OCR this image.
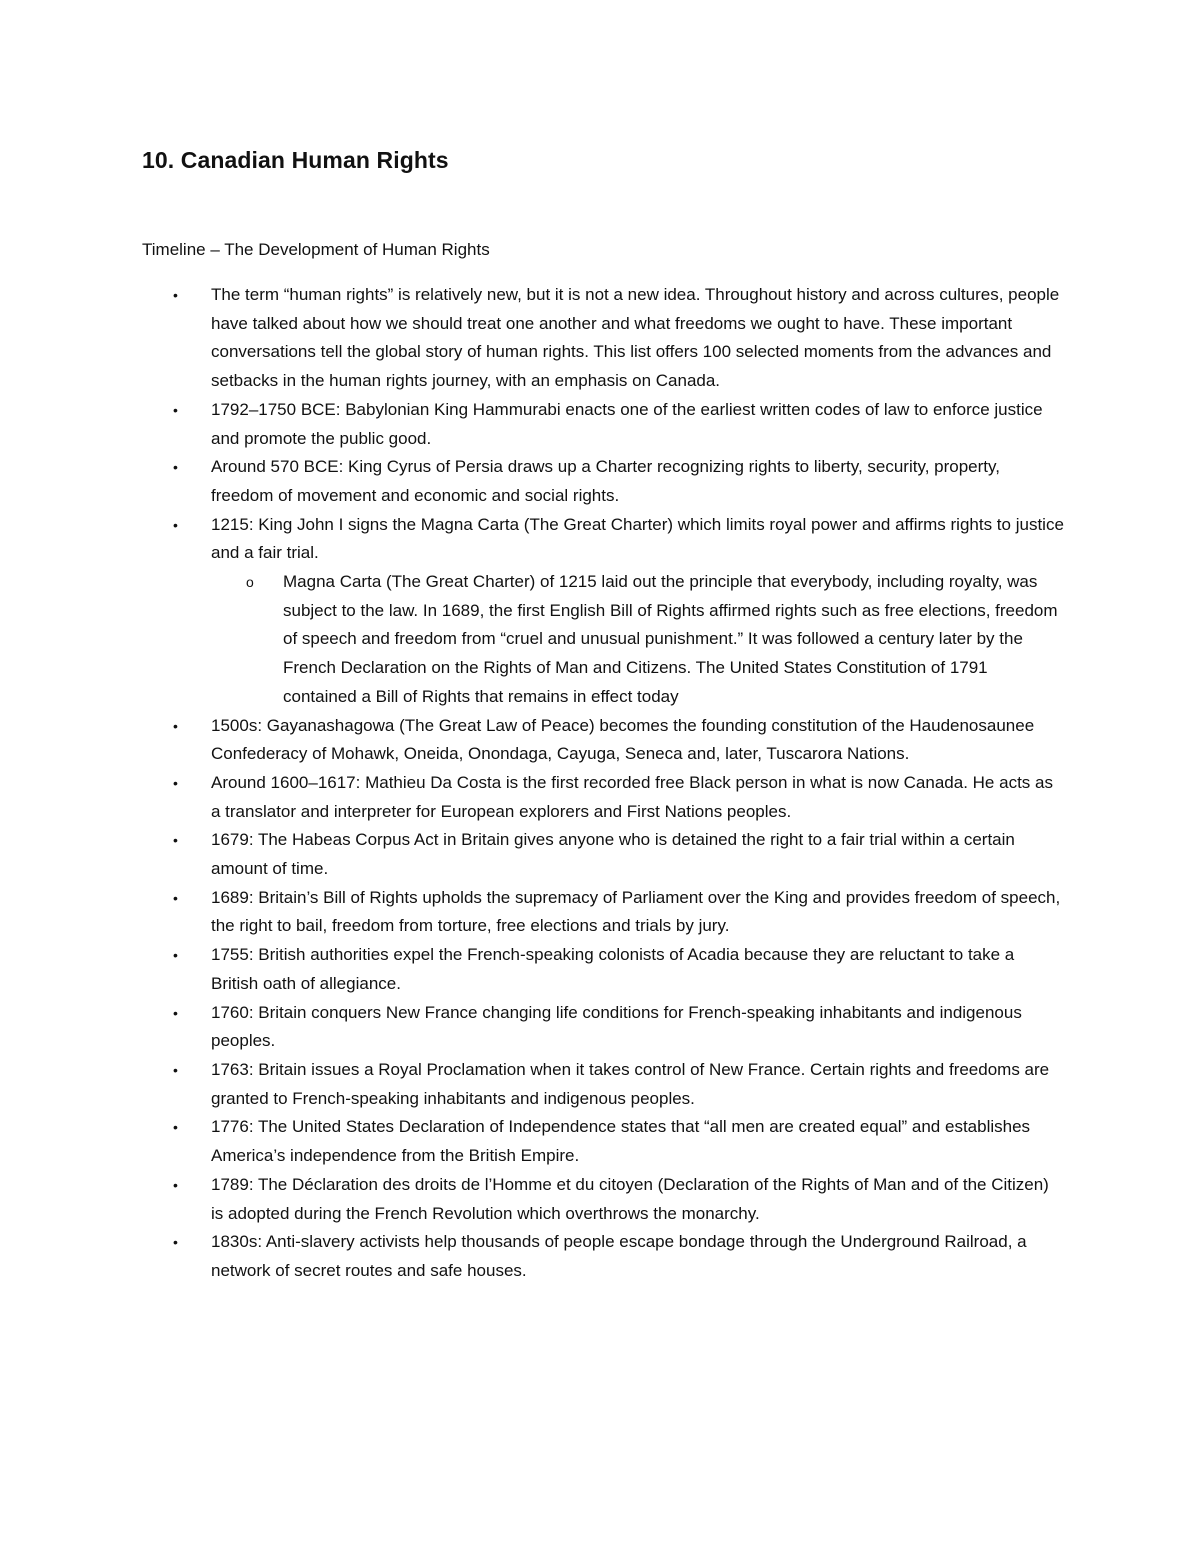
10. Canadian Human Rights
Timeline – The Development of Human Rights
• The term “human rights” is relatively new, but it is not a new idea. Throughout history and across cultures, people have talked about how we should treat one another and what freedoms we ought to have. These important conversations tell the global story of human rights. This list offers 100 selected moments from the advances and setbacks in the human rights journey, with an emphasis on Canada.
• 1792–1750 BCE: Babylonian King Hammurabi enacts one of the earliest written codes of law to enforce justice and promote the public good.
• Around 570 BCE: King Cyrus of Persia draws up a Charter recognizing rights to liberty, security, property, freedom of movement and economic and social rights.
• 1215: King John I signs the Magna Carta (The Great Charter) which limits royal power and affirms rights to justice and a fair trial.
o Magna Carta (The Great Charter) of 1215 laid out the principle that everybody, including royalty, was subject to the law. In 1689, the first English Bill of Rights affirmed rights such as free elections, freedom of speech and freedom from “cruel and unusual punishment.” It was followed a century later by the French Declaration on the Rights of Man and Citizens. The United States Constitution of 1791 contained a Bill of Rights that remains in effect today
• 1500s: Gayanashagowa (The Great Law of Peace) becomes the founding constitution of the Haudenosaunee Confederacy of Mohawk, Oneida, Onondaga, Cayuga, Seneca and, later, Tuscarora Nations.
• Around 1600–1617: Mathieu Da Costa is the first recorded free Black person in what is now Canada. He acts as a translator and interpreter for European explorers and First Nations peoples.
• 1679: The Habeas Corpus Act in Britain gives anyone who is detained the right to a fair trial within a certain amount of time.
• 1689: Britain’s Bill of Rights upholds the supremacy of Parliament over the King and provides freedom of speech, the right to bail, freedom from torture, free elections and trials by jury.
• 1755: British authorities expel the French-speaking colonists of Acadia because they are reluctant to take a British oath of allegiance.
• 1760: Britain conquers New France changing life conditions for French-speaking inhabitants and indigenous peoples.
• 1763: Britain issues a Royal Proclamation when it takes control of New France. Certain rights and freedoms are granted to French-speaking inhabitants and indigenous peoples.
• 1776: The United States Declaration of Independence states that “all men are created equal” and establishes America’s independence from the British Empire.
• 1789: The Déclaration des droits de l’Homme et du citoyen (Declaration of the Rights of Man and of the Citizen) is adopted during the French Revolution which overthrows the monarchy.
• 1830s: Anti-slavery activists help thousands of people escape bondage through the Underground Railroad, a network of secret routes and safe houses.
